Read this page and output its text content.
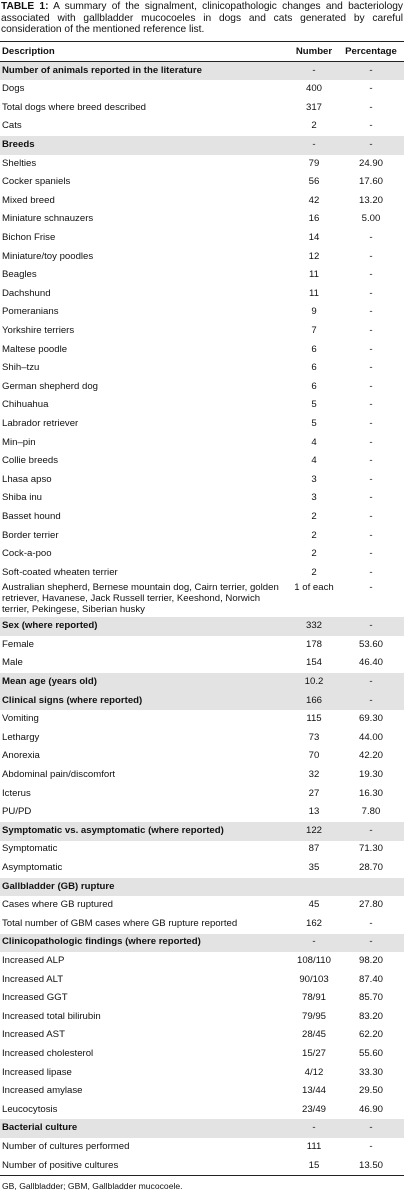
TABLE 1: A summary of the signalment, clinicopathologic changes and bacteriology associated with gallbladder mucocoeles in dogs and cats generated by careful consideration of the mentioned reference list.

Description	Number	Percentage
Number of animals reported in the literature	-	-
Dogs	400	-
Total dogs where breed described	317	-
Cats	2	-
Breeds	-	-
Shelties	79	24.90
Cocker spaniels	56	17.60
Mixed breed	42	13.20
Miniature schnauzers	16	5.00
Bichon Frise	14	-
Miniature/toy poodles	12	-
Beagles	11	-
Dachshund	11	-
Pomeranians	9	-
Yorkshire terriers	7	-
Maltese poodle	6	-
Shih–tzu	6	-
German shepherd dog	6	-
Chihuahua	5	-
Labrador retriever	5	-
Min–pin	4	-
Collie breeds	4	-
Lhasa apso	3	-
Shiba inu	3	-
Basset hound	2	-
Border terrier	2	-
Cock-a-poo	2	-
Soft-coated wheaten terrier	2	-
Australian shepherd, Bernese mountain dog, Cairn terrier, golden retriever, Havanese, Jack Russell terrier, Keeshond, Norwich terrier, Pekingese, Siberian husky	1 of each	-
Sex (where reported)	332	-
Female	178	53.60
Male	154	46.40
Mean age (years old)	10.2	-
Clinical signs (where reported)	166	-
Vomiting	115	69.30
Lethargy	73	44.00
Anorexia	70	42.20
Abdominal pain/discomfort	32	19.30
Icterus	27	16.30
PU/PD	13	7.80
Symptomatic vs. asymptomatic (where reported)	122	-
Symptomatic	87	71.30
Asymptomatic	35	28.70
Gallbladder (GB) rupture		
Cases where GB ruptured	45	27.80
Total number of GBM cases where GB rupture reported	162	-
Clinicopathologic findings (where reported)	-	-
Increased ALP	108/110	98.20
Increased ALT	90/103	87.40
Increased GGT	78/91	85.70
Increased total bilirubin	79/95	83.20
Increased AST	28/45	62.20
Increased cholesterol	15/27	55.60
Increased lipase	4/12	33.30
Increased amylase	13/44	29.50
Leucocytosis	23/49	46.90
Bacterial culture	-	-
Number of cultures performed	111	-
Number of positive cultures	15	13.50

GB, Gallbladder; GBM, Gallbladder mucocoele.
